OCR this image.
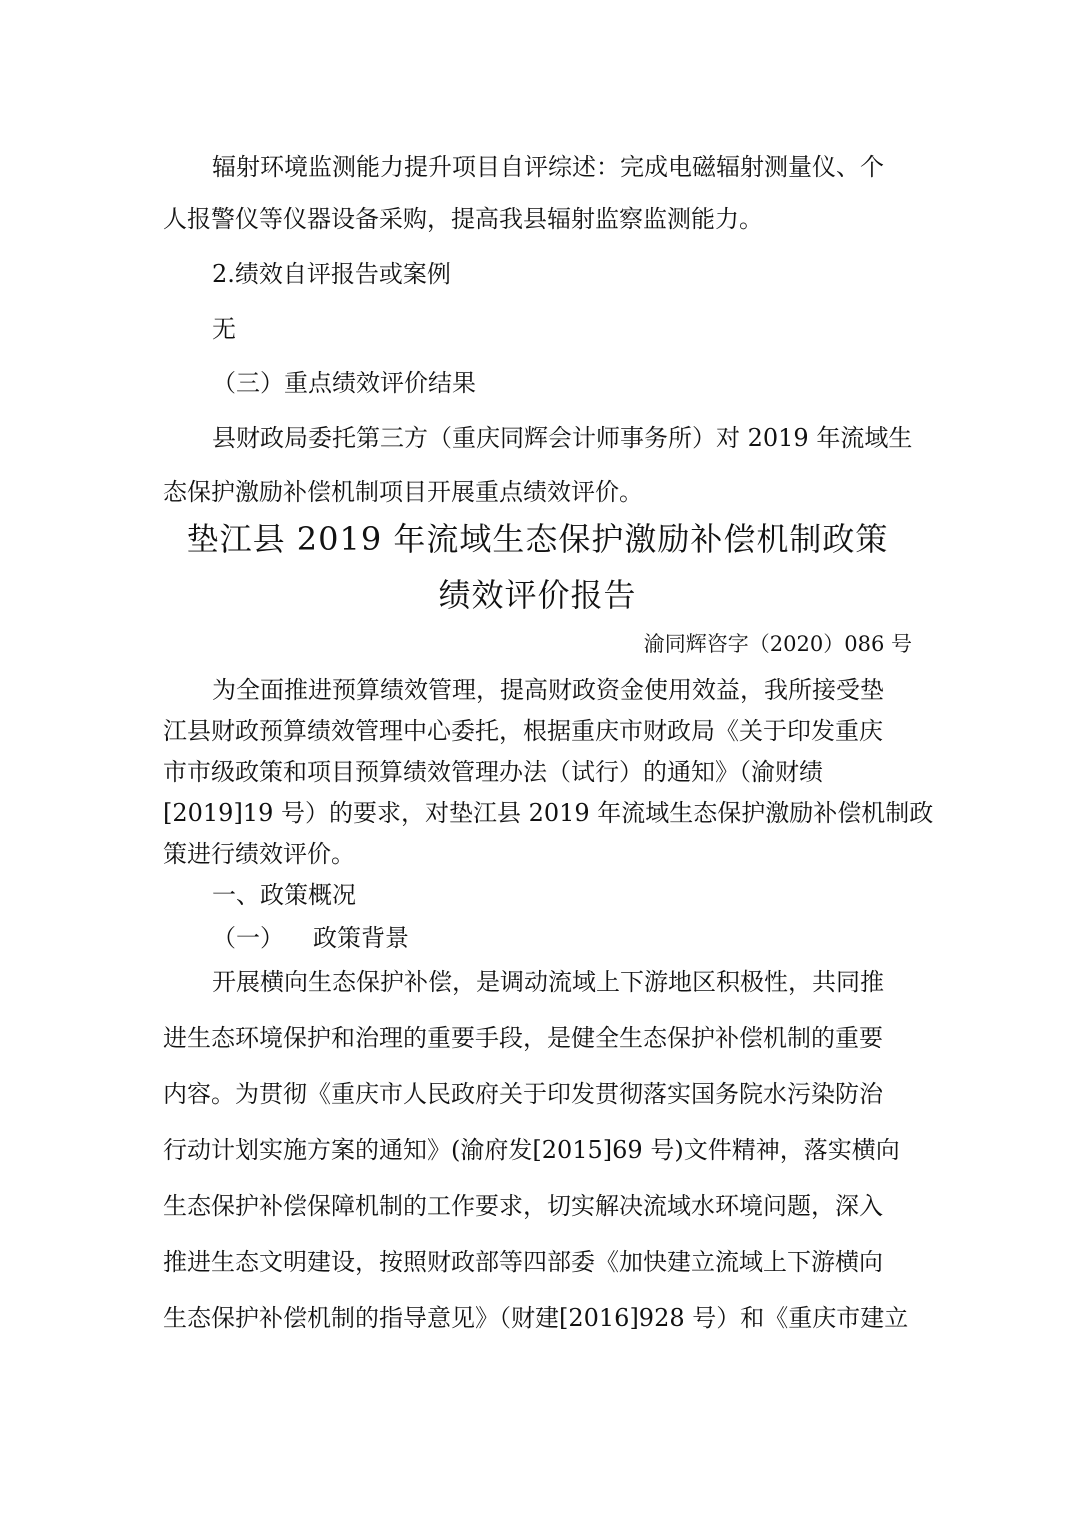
辐射环境监测能力提升项目自评综述：完成电磁辐射测量仪、个
人报警仪等仪器设备采购，提高我县辐射监察监测能力。
2.绩效自评报告或案例
无
（三）重点绩效评价结果
县财政局委托第三方（重庆同辉会计师事务所）对 2019 年流域生
态保护激励补偿机制项目开展重点绩效评价。
垫江县 2019 年流域生态保护激励补偿机制政策
绩效评价报告
渝同辉咨字（2020）086 号
为全面推进预算绩效管理，提高财政资金使用效益，我所接受垫
江县财政预算绩效管理中心委托，根据重庆市财政局《关于印发重庆
市市级政策和项目预算绩效管理办法（试行）的通知》（渝财绩
[2019]19 号）的要求，对垫江县 2019 年流域生态保护激励补偿机制政
策进行绩效评价。
一、政策概况
（一） 政策背景
开展横向生态保护补偿，是调动流域上下游地区积极性，共同推
进生态环境保护和治理的重要手段，是健全生态保护补偿机制的重要
内容。为贯彻《重庆市人民政府关于印发贯彻落实国务院水污染防治
行动计划实施方案的通知》(渝府发[2015]69 号)文件精神，落实横向
生态保护补偿保障机制的工作要求，切实解决流域水环境问题，深入
推进生态文明建设，按照财政部等四部委《加快建立流域上下游横向
生态保护补偿机制的指导意见》（财建[2016]928 号）和《重庆市建立
